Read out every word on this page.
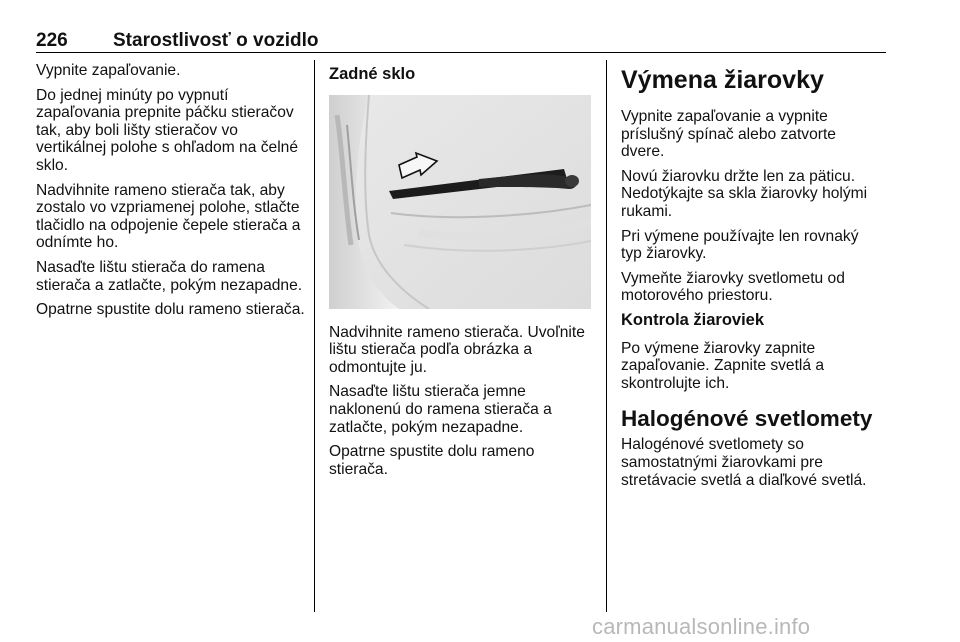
226 Starostlivosť o vozidlo

Vypnite zapaľovanie.

Do jednej minúty po vypnutí zapaľovania prepnite páčku stieračov tak, aby boli lišty stieračov vo vertikálnej polohe s ohľadom na čelné sklo.

Nadvihnite rameno stierača tak, aby zostalo vo vzpriamenej polohe, stlačte tlačidlo na odpojenie čepele stierača a odnímte ho.

Nasaďte lištu stierača do ramena stierača a zatlačte, pokým nezapadne.

Opatrne spustite dolu rameno stierača.

Zadné sklo

Nadvihnite rameno stierača. Uvoľnite lištu stierača podľa obrázka a odmontujte ju.

Nasaďte lištu stierača jemne naklonenú do ramena stierača a zatlačte, pokým nezapadne.

Opatrne spustite dolu rameno stierača.

Výmena žiarovky

Vypnite zapaľovanie a vypnite príslušný spínač alebo zatvorte dvere.

Novú žiarovku držte len za päticu. Nedotýkajte sa skla žiarovky holými rukami.

Pri výmene používajte len rovnaký typ žiarovky.

Vymeňte žiarovky svetlometu od motorového priestoru.

Kontrola žiaroviek

Po výmene žiarovky zapnite zapaľovanie. Zapnite svetlá a skontrolujte ich.

Halogénové svetlomety

Halogénové svetlomety so samostatnými žiarovkami pre stretávacie svetlá a diaľkové svetlá.

carmanualsonline.info
